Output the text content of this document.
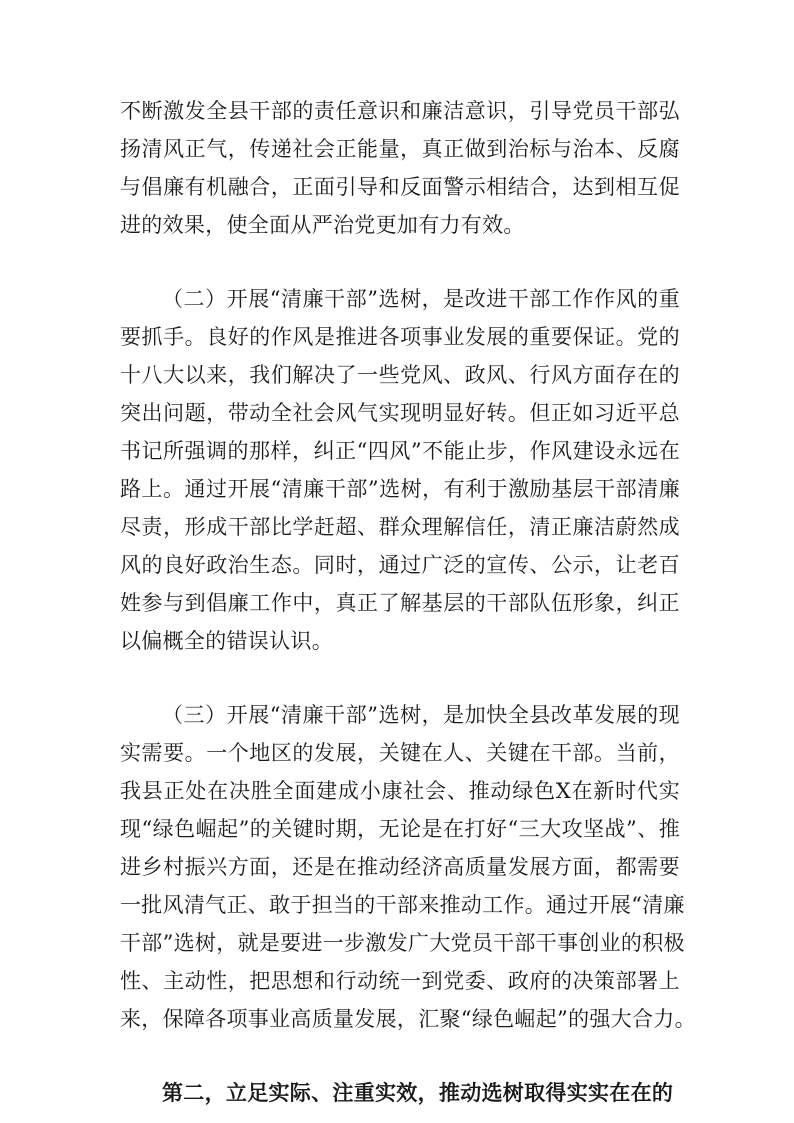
不断激发全县干部的责任意识和廉洁意识，引导党员干部弘
扬清风正气，传递社会正能量，真正做到治标与治本、反腐
与倡廉有机融合，正面引导和反面警示相结合，达到相互促
进的效果，使全面从严治党更加有力有效。
（二）开展“清廉干部”选树，是改进干部工作作风的重
要抓手。良好的作风是推进各项事业发展的重要保证。党的
十八大以来，我们解决了一些党风、政风、行风方面存在的
突出问题，带动全社会风气实现明显好转。但正如习近平总
书记所强调的那样，纠正“四风”不能止步，作风建设永远在
路上。通过开展“清廉干部”选树，有利于激励基层干部清廉
尽责，形成干部比学赶超、群众理解信任，清正廉洁蔚然成
风的良好政治生态。同时，通过广泛的宣传、公示，让老百
姓参与到倡廉工作中，真正了解基层的干部队伍形象，纠正
以偏概全的错误认识。
（三）开展“清廉干部”选树，是加快全县改革发展的现
实需要。一个地区的发展，关键在人、关键在干部。当前，
我县正处在决胜全面建成小康社会、推动绿色X在新时代实
现“绿色崛起”的关键时期，无论是在打好“三大攻坚战”、推
进乡村振兴方面，还是在推动经济高质量发展方面，都需要
一批风清气正、敢于担当的干部来推动工作。通过开展“清廉
干部”选树，就是要进一步激发广大党员干部干事创业的积极
性、主动性，把思想和行动统一到党委、政府的决策部署上
来，保障各项事业高质量发展，汇聚“绿色崛起”的强大合力。
第二，立足实际、注重实效，推动选树取得实实在在的
